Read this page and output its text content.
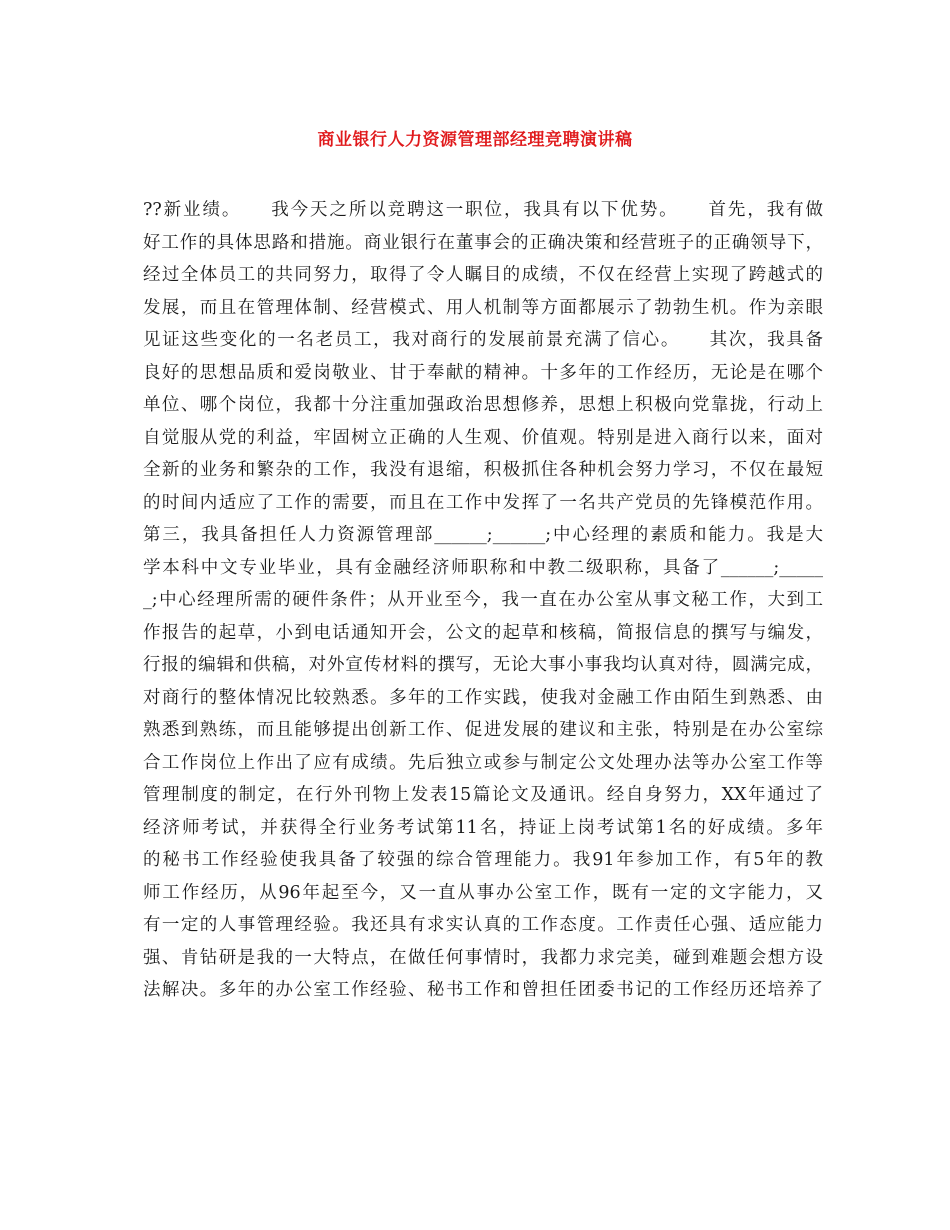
商业银行人力资源管理部经理竞聘演讲稿
??新业绩。　　我今天之所以竞聘这一职位，我具有以下优势。　　首先，我有做
好工作的具体思路和措施。商业银行在董事会的正确决策和经营班子的正确领导下，
经过全体员工的共同努力，取得了令人瞩目的成绩，不仅在经营上实现了跨越式的
发展，而且在管理体制、经营模式、用人机制等方面都展示了勃勃生机。作为亲眼
见证这些变化的一名老员工，我对商行的发展前景充满了信心。　　其次，我具备
良好的思想品质和爱岗敬业、甘于奉献的精神。十多年的工作经历，无论是在哪个
单位、哪个岗位，我都十分注重加强政治思想修养，思想上积极向党靠拢，行动上
自觉服从党的利益，牢固树立正确的人生观、价值观。特别是进入商行以来，面对
全新的业务和繁杂的工作，我没有退缩，积极抓住各种机会努力学习，不仅在最短
的时间内适应了工作的需要，而且在工作中发挥了一名共产党员的先锋模范作用。
第三，我具备担任人力资源管理部______;______;中心经理的素质和能力。我是大
学本科中文专业毕业，具有金融经济师职称和中教二级职称，具备了______;_____
_;中心经理所需的硬件条件；从开业至今，我一直在办公室从事文秘工作，大到工
作报告的起草，小到电话通知开会，公文的起草和核稿，简报信息的撰写与编发，
行报的编辑和供稿，对外宣传材料的撰写，无论大事小事我均认真对待，圆满完成，
对商行的整体情况比较熟悉。多年的工作实践，使我对金融工作由陌生到熟悉、由
熟悉到熟练，而且能够提出创新工作、促进发展的建议和主张，特别是在办公室综
合工作岗位上作出了应有成绩。先后独立或参与制定公文处理办法等办公室工作等
管理制度的制定，在行外刊物上发表15篇论文及通讯。经自身努力，XX年通过了
经济师考试，并获得全行业务考试第11名，持证上岗考试第1名的好成绩。多年
的秘书工作经验使我具备了较强的综合管理能力。我91年参加工作，有5年的教
师工作经历，从96年起至今，又一直从事办公室工作，既有一定的文字能力，又
有一定的人事管理经验。我还具有求实认真的工作态度。工作责任心强、适应能力
强、肯钻研是我的一大特点，在做任何事情时，我都力求完美，碰到难题会想方设
法解决。多年的办公室工作经验、秘书工作和曾担任团委书记的工作经历还培养了
